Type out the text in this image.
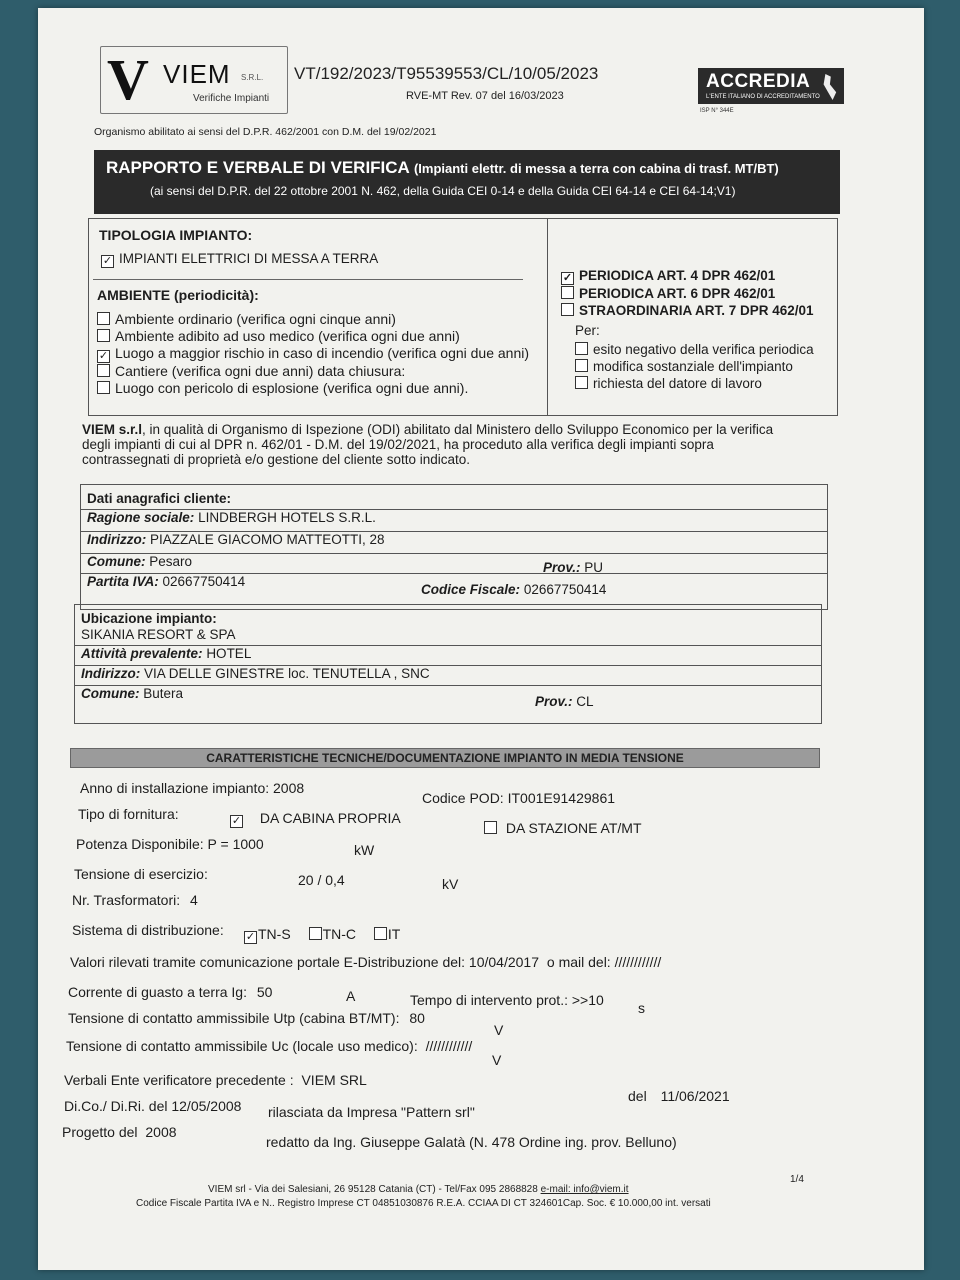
V VIEM S.R.L.
Verifiche Impianti
VT/192/2023/T95539553/CL/10/05/2023
RVE-MT Rev. 07 del 16/03/2023
ACCREDIA
L'ENTE ITALIANO DI ACCREDITAMENTO
ISP N° 344E
Organismo abilitato ai sensi del D.P.R. 462/2001 con D.M. del 19/02/2021
RAPPORTO E VERBALE DI VERIFICA (Impianti elettr. di messa a terra con cabina di trasf. MT/BT)
(ai sensi del D.P.R. del 22 ottobre 2001 N. 462, della Guida CEI 0-14 e della Guida CEI 64-14 e CEI 64-14;V1)
TIPOLOGIA IMPIANTO:
✓ IMPIANTI ELETTRICI DI MESSA A TERRA
AMBIENTE (periodicità):
Ambiente ordinario (verifica ogni cinque anni)
Ambiente adibito ad uso medico (verifica ogni due anni)
✓ Luogo a maggior rischio in caso di incendio (verifica ogni due anni)
Cantiere (verifica ogni due anni) data chiusura:
Luogo con pericolo di esplosione (verifica ogni due anni).
✓ PERIODICA ART. 4 DPR 462/01
PERIODICA ART. 6 DPR 462/01
STRAORDINARIA ART. 7 DPR 462/01
Per:
esito negativo della verifica periodica
modifica sostanziale dell'impianto
richiesta del datore di lavoro
VIEM s.r.l, in qualità di Organismo di Ispezione (ODI) abilitato dal Ministero dello Sviluppo Economico per la verifica
degli impianti di cui al DPR n. 462/01 - D.M. del 19/02/2021, ha proceduto alla verifica degli impianti sopra
contrassegnati di proprietà e/o gestione del cliente sotto indicato.
Dati anagrafici cliente:
Ragione sociale: LINDBERGH HOTELS S.R.L.
Indirizzo: PIAZZALE GIACOMO MATTEOTTI, 28
Comune: Pesaro	Prov.: PU
Partita IVA: 02667750414
Codice Fiscale: 02667750414
Ubicazione impianto:
SIKANIA RESORT & SPA
Attività prevalente: HOTEL
Indirizzo: VIA DELLE GINESTRE loc. TENUTELLA , SNC
Comune: Butera
Prov.: CL
CARATTERISTICHE TECNICHE/DOCUMENTAZIONE IMPIANTO IN MEDIA TENSIONE
Anno di installazione impianto: 2008
Codice POD: IT001E91429861
Tipo di fornitura:	✓ DA CABINA PROPRIA
DA STAZIONE AT/MT
Potenza Disponibile: P = 1000	kW
Tensione di esercizio:	20 / 0,4	kV
Nr. Trasformatori: 4
Sistema di distribuzione: ✓ TN-S TN-C IT
Valori rilevati tramite comunicazione portale E-Distribuzione del: 10/04/2017 o mail del: ////////////
Corrente di guasto a terra Ig: 50	A	Tempo di intervento prot.: >>10 s
Tensione di contatto ammissibile Utp (cabina BT/MT): 80
V
Tensione di contatto ammissibile Uc (locale uso medico): ////////////
V
Verbali Ente verificatore precedente : VIEM SRL
del 11/06/2021
Di.Co./ Di.Ri. del 12/05/2008 rilasciata da Impresa "Pattern srl"
Progetto del 2008
redatto da Ing. Giuseppe Galatà (N. 478 Ordine ing. prov. Belluno)
1/4
VIEM srl - Via dei Salesiani, 26 95128 Catania (CT) - Tel/Fax 095 2868828 e-mail: info@viem.it
Codice Fiscale Partita IVA e N.. Registro Imprese CT 04851030876 R.E.A. CCIAA DI CT 324601Cap. Soc. € 10.000,00 int. versati
